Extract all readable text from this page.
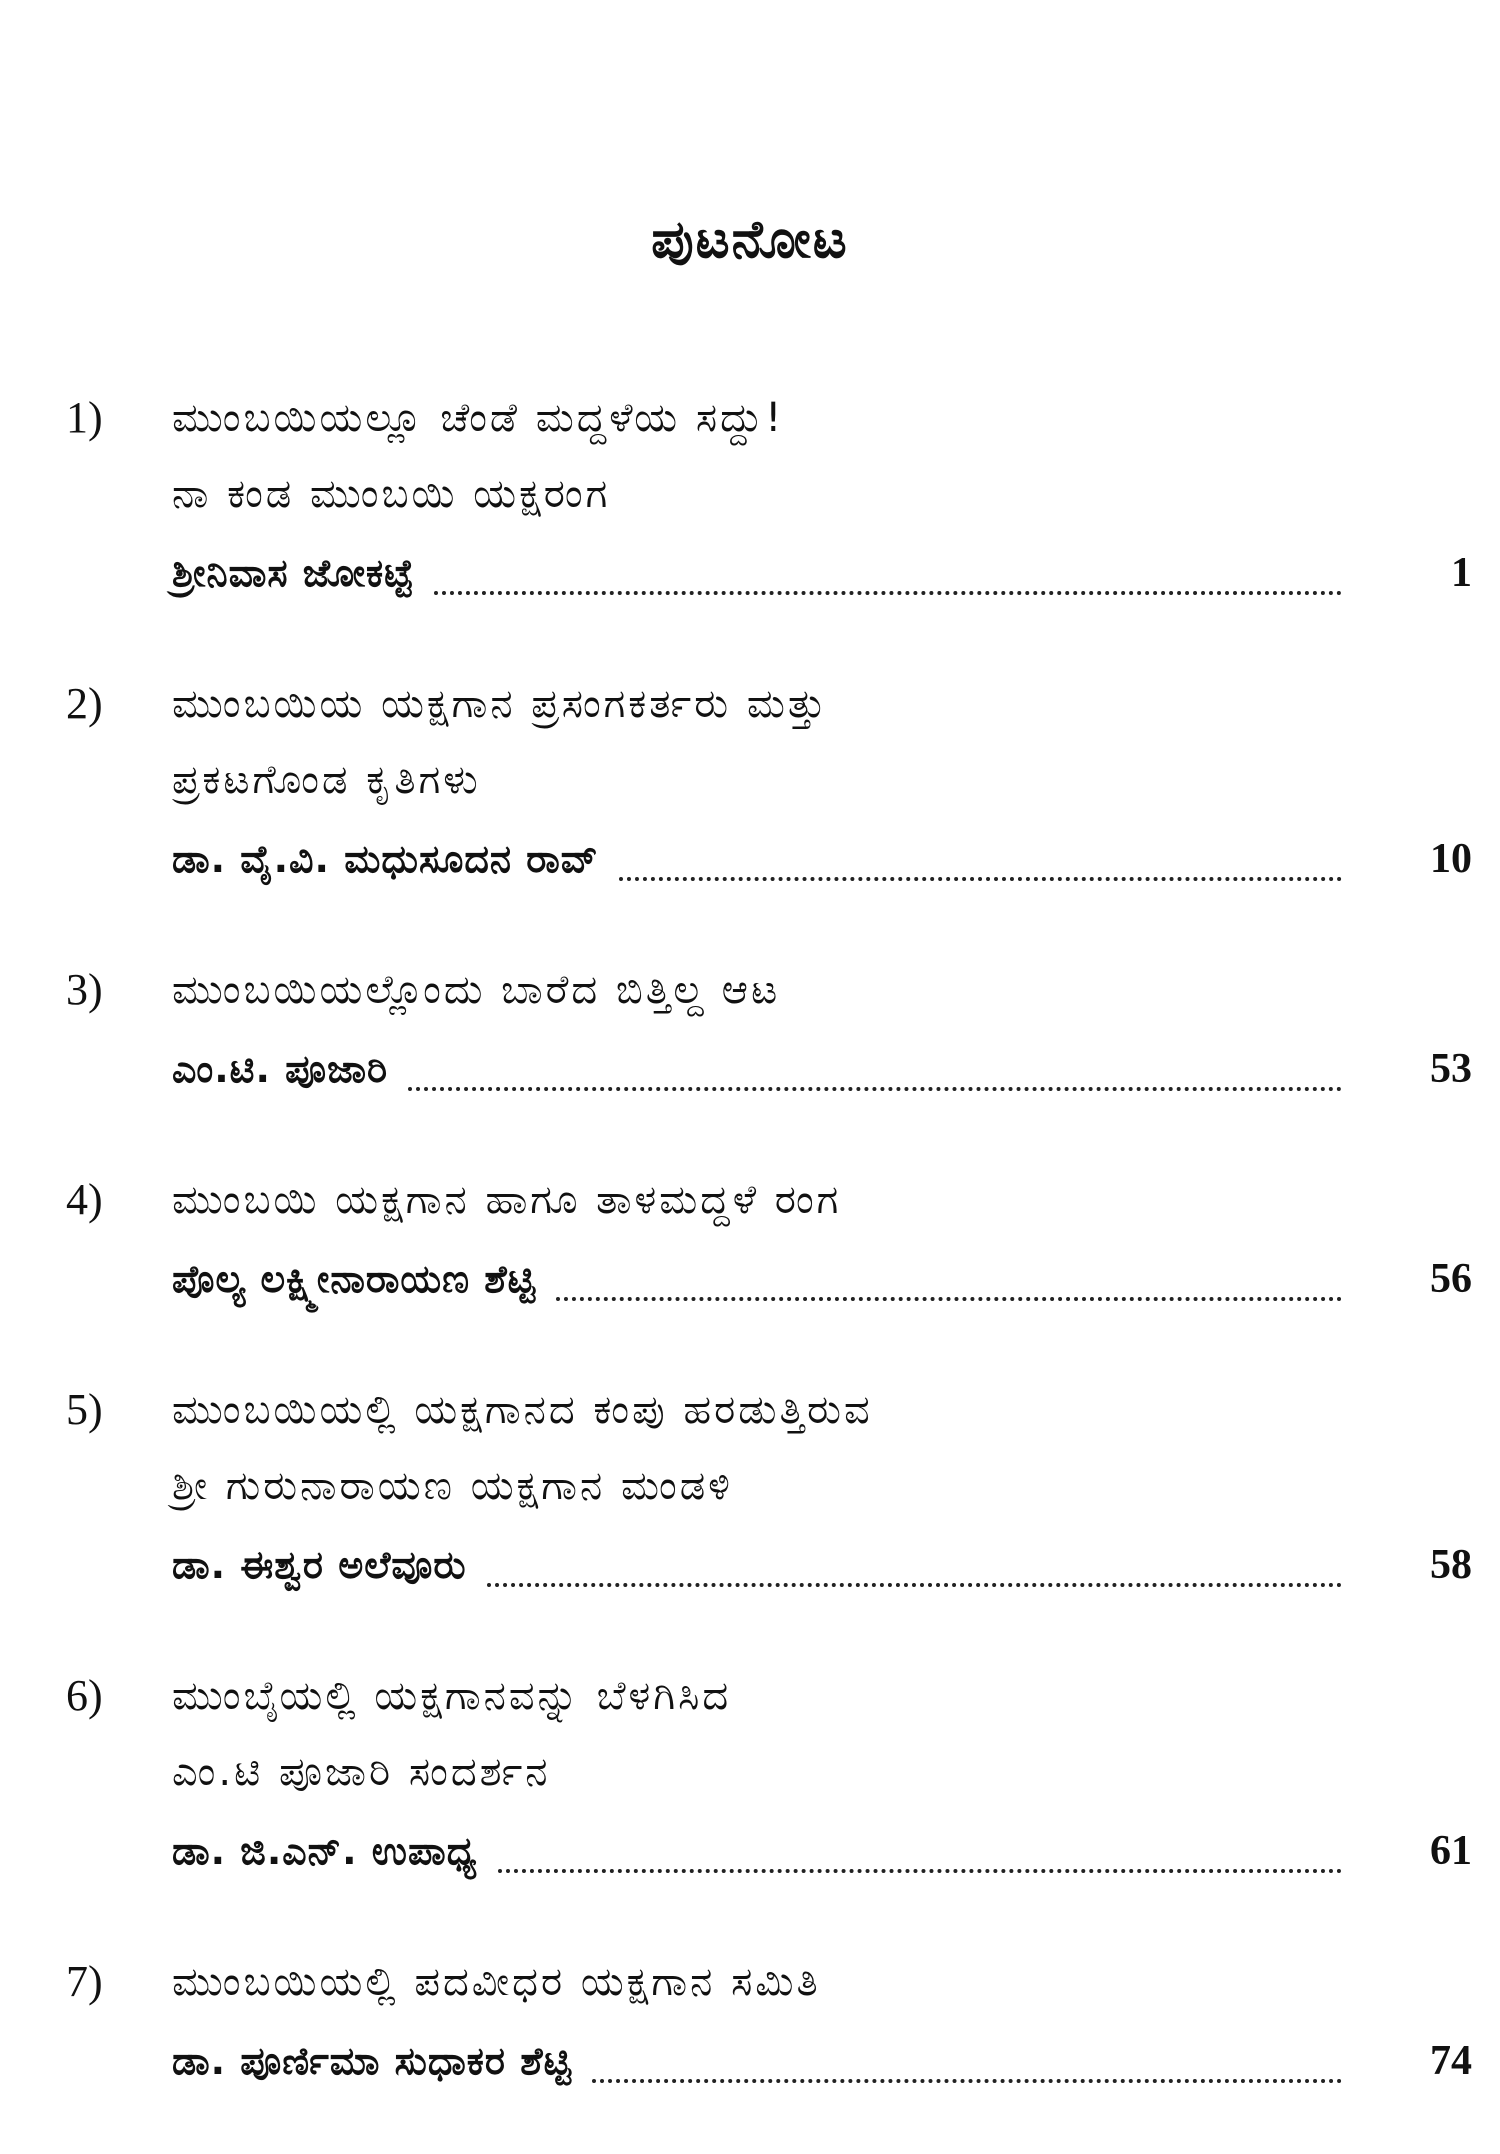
ಪುಟನೋಟ
1) ಮುಂಬಯಿಯಲ್ಲೂ ಚೆಂಡೆ ಮದ್ದಳೆಯ ಸದ್ದು!
ನಾ ಕಂಡ ಮುಂಬಯಿ ಯಕ್ಷರಂಗ
ಶ್ರೀನಿವಾಸ ಜೋಕಟ್ಟೆ	1
2) ಮುಂಬಯಿಯ ಯಕ್ಷಗಾನ ಪ್ರಸಂಗಕರ್ತರು ಮತ್ತು
ಪ್ರಕಟಗೊಂಡ ಕೃತಿಗಳು
ಡಾ. ವೈ.ವಿ. ಮಧುಸೂದನ ರಾವ್	10
3) ಮುಂಬಯಿಯಲ್ಲೊಂದು ಬಾರೆದ ಬಿತ್ತಿಲ್ದ ಆಟ
ಎಂ.ಟಿ. ಪೂಜಾರಿ	53
4) ಮುಂಬಯಿ ಯಕ್ಷಗಾನ ಹಾಗೂ ತಾಳಮದ್ದಳೆ ರಂಗ
ಪೊಲ್ಯ ಲಕ್ಷ್ಮೀನಾರಾಯಣ ಶೆಟ್ಟಿ	56
5) ಮುಂಬಯಿಯಲ್ಲಿ ಯಕ್ಷಗಾನದ ಕಂಪು ಹರಡುತ್ತಿರುವ
ಶ್ರೀ ಗುರುನಾರಾಯಣ ಯಕ್ಷಗಾನ ಮಂಡಳಿ
ಡಾ. ಈಶ್ವರ ಅಲೆವೂರು	58
6) ಮುಂಬೈಯಲ್ಲಿ ಯಕ್ಷಗಾನವನ್ನು ಬೆಳಗಿಸಿದ
ಎಂ.ಟಿ ಪೂಜಾರಿ ಸಂದರ್ಶನ
ಡಾ. ಜಿ.ಎನ್. ಉಪಾಧ್ಯ	61
7) ಮುಂಬಯಿಯಲ್ಲಿ ಪದವೀಧರ ಯಕ್ಷಗಾನ ಸಮಿತಿ
ಡಾ. ಪೂರ್ಣಿಮಾ ಸುಧಾಕರ ಶೆಟ್ಟಿ	74
